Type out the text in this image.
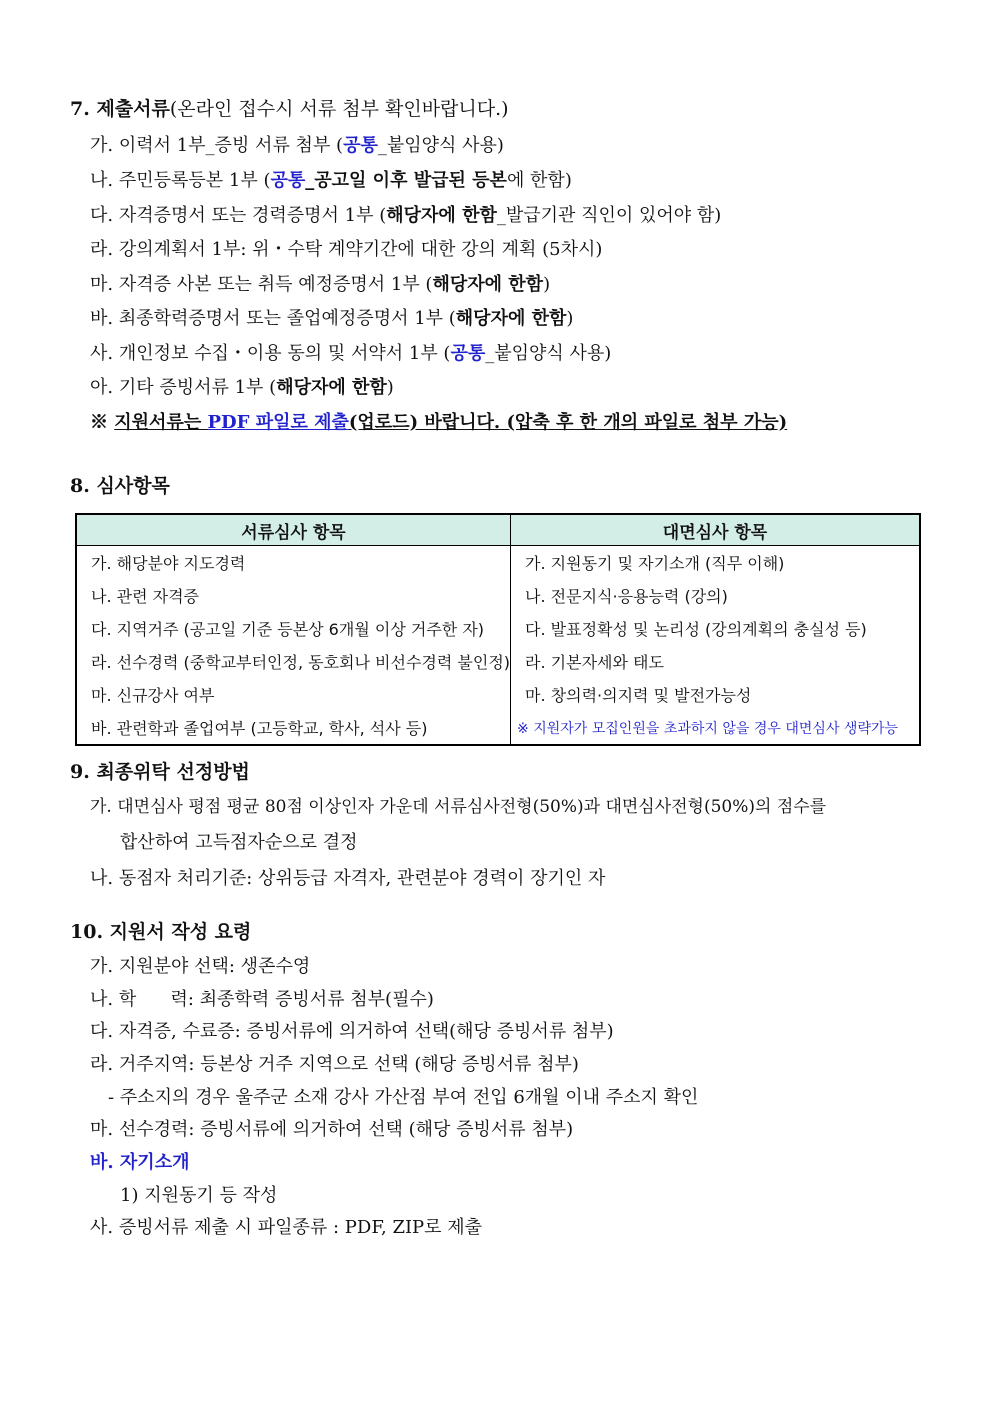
7. 제출서류(온라인 접수시 서류 첨부 확인바랍니다.)
가. 이력서 1부_증빙 서류 첨부 (공통_붙임양식 사용)
나. 주민등록등본 1부 (공통_공고일 이후 발급된 등본에 한함)
다. 자격증명서 또는 경력증명서 1부 (해당자에 한함_발급기관 직인이 있어야 함)
라. 강의계획서 1부: 위・수탁 계약기간에 대한 강의 계획 (5차시)
마. 자격증 사본 또는 취득 예정증명서 1부 (해당자에 한함)
바. 최종학력증명서 또는 졸업예정증명서 1부 (해당자에 한함)
사. 개인정보 수집・이용 동의 및 서약서 1부 (공통_붙임양식 사용)
아. 기타 증빙서류 1부 (해당자에 한함)
※ 지원서류는 PDF 파일로 제출(업로드) 바랍니다. (압축 후 한 개의 파일로 첨부 가능)
8. 심사항목
서류심사 항목	대면심사 항목
가. 해당분야 지도경력	가. 지원동기 및 자기소개 (직무 이해)
나. 관련 자격증	나. 전문지식·응용능력 (강의)
다. 지역거주 (공고일 기준 등본상 6개월 이상 거주한 자)	다. 발표정확성 및 논리성 (강의계획의 충실성 등)
라. 선수경력 (중학교부터인정, 동호회나 비선수경력 불인정)	라. 기본자세와 태도
마. 신규강사 여부	마. 창의력·의지력 및 발전가능성
바. 관련학과 졸업여부 (고등학교, 학사, 석사 등)	※ 지원자가 모집인원을 초과하지 않을 경우 대면심사 생략가능
9. 최종위탁 선정방법
가. 대면심사 평점 평균 80점 이상인자 가운데 서류심사전형(50%)과 대면심사전형(50%)의 점수를
합산하여 고득점자순으로 결정
나. 동점자 처리기준: 상위등급 자격자, 관련분야 경력이 장기인 자
10. 지원서 작성 요령
가. 지원분야 선택: 생존수영
나. 학      력: 최종학력 증빙서류 첨부(필수)
다. 자격증, 수료증: 증빙서류에 의거하여 선택(해당 증빙서류 첨부)
라. 거주지역: 등본상 거주 지역으로 선택 (해당 증빙서류 첨부)
- 주소지의 경우 울주군 소재 강사 가산점 부여 전입 6개월 이내 주소지 확인
마. 선수경력: 증빙서류에 의거하여 선택 (해당 증빙서류 첨부)
바. 자기소개
1) 지원동기 등 작성
사. 증빙서류 제출 시 파일종류 : PDF, ZIP로 제출
